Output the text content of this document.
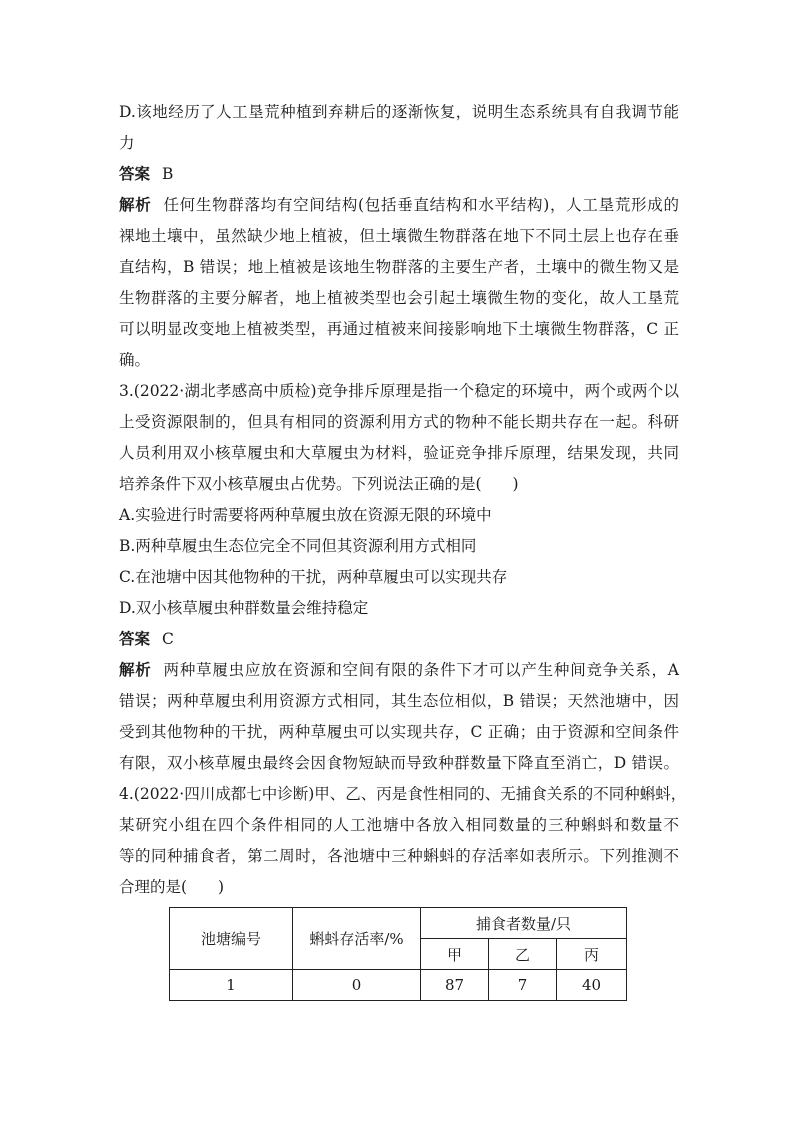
D.该地经历了人工垦荒种植到弃耕后的逐渐恢复，说明生态系统具有自我调节能
力
答案 B
解析 任何生物群落均有空间结构(包括垂直结构和水平结构)，人工垦荒形成的
裸地土壤中，虽然缺少地上植被，但土壤微生物群落在地下不同土层上也存在垂
直结构，B 错误；地上植被是该地生物群落的主要生产者，土壤中的微生物又是
生物群落的主要分解者，地上植被类型也会引起土壤微生物的变化，故人工垦荒
可以明显改变地上植被类型，再通过植被来间接影响地下土壤微生物群落，C 正
确。
3.(2022·湖北孝感高中质检)竞争排斥原理是指一个稳定的环境中，两个或两个以
上受资源限制的，但具有相同的资源利用方式的物种不能长期共存在一起。科研
人员利用双小核草履虫和大草履虫为材料，验证竞争排斥原理，结果发现，共同
培养条件下双小核草履虫占优势。下列说法正确的是(　　)
A.实验进行时需要将两种草履虫放在资源无限的环境中
B.两种草履虫生态位完全不同但其资源利用方式相同
C.在池塘中因其他物种的干扰，两种草履虫可以实现共存
D.双小核草履虫种群数量会维持稳定
答案 C
解析 两种草履虫应放在资源和空间有限的条件下才可以产生种间竞争关系，A
错误；两种草履虫利用资源方式相同，其生态位相似，B 错误；天然池塘中，因
受到其他物种的干扰，两种草履虫可以实现共存，C 正确；由于资源和空间条件
有限，双小核草履虫最终会因食物短缺而导致种群数量下降直至消亡，D 错误。
4.(2022·四川成都七中诊断)甲、乙、丙是食性相同的、无捕食关系的不同种蝌蚪，
某研究小组在四个条件相同的人工池塘中各放入相同数量的三种蝌蚪和数量不
等的同种捕食者，第二周时，各池塘中三种蝌蚪的存活率如表所示。下列推测不
合理的是(　　)
池塘编号	蝌蚪存活率/%	捕食者数量/只		
		甲	乙	丙
1	0	87	7	40
